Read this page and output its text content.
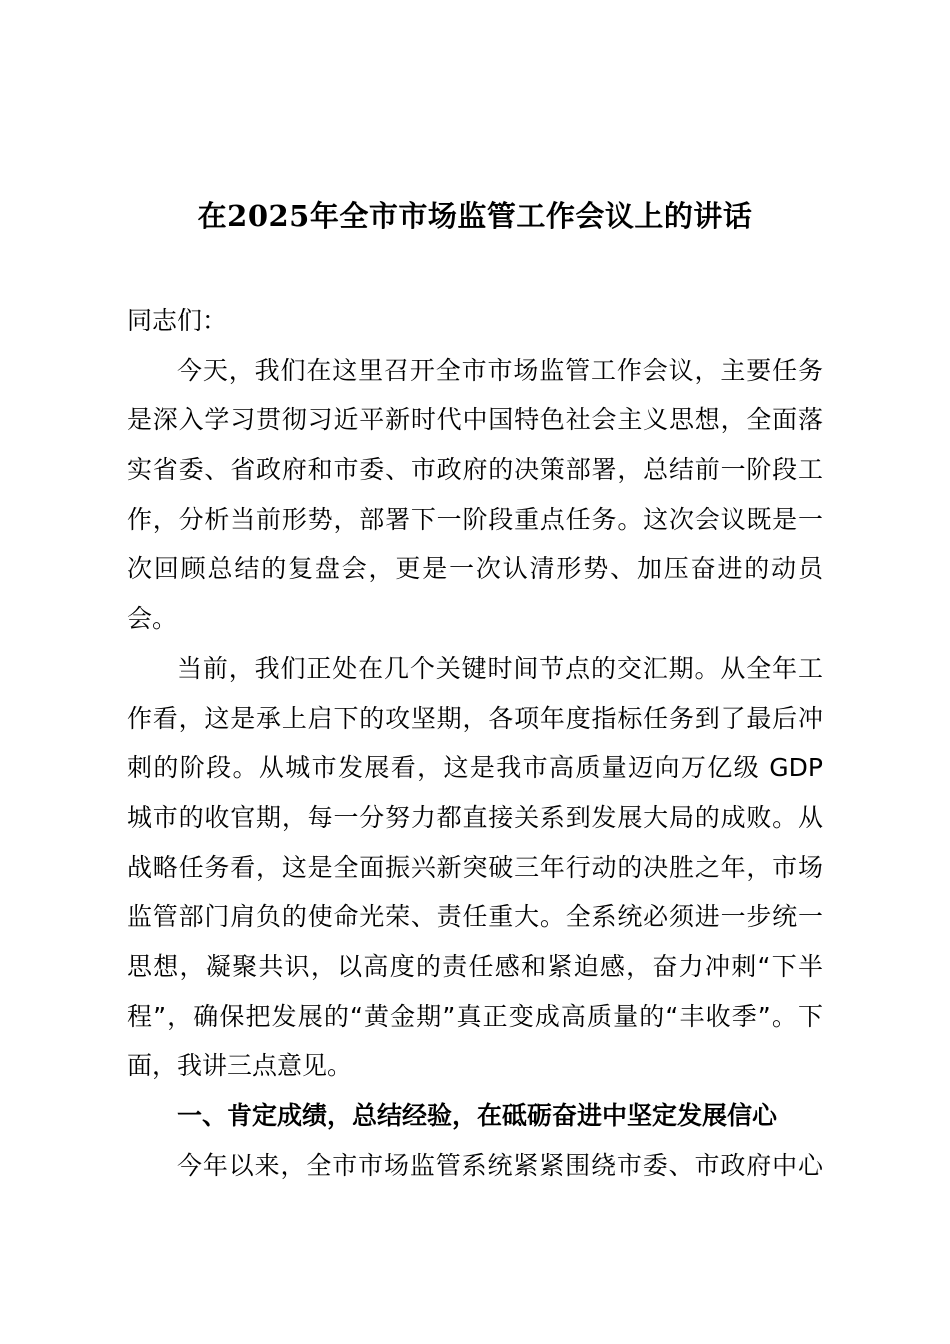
在2025年全市市场监管工作会议上的讲话
同志们：
今天，我们在这里召开全市市场监管工作会议，主要任务
是深入学习贯彻习近平新时代中国特色社会主义思想，全面落
实省委、省政府和市委、市政府的决策部署，总结前一阶段工
作，分析当前形势，部署下一阶段重点任务。这次会议既是一
次回顾总结的复盘会，更是一次认清形势、加压奋进的动员
会。
当前，我们正处在几个关键时间节点的交汇期。从全年工
作看，这是承上启下的攻坚期，各项年度指标任务到了最后冲
刺的阶段。从城市发展看，这是我市高质量迈向万亿级 GDP
城市的收官期，每一分努力都直接关系到发展大局的成败。从
战略任务看，这是全面振兴新突破三年行动的决胜之年，市场
监管部门肩负的使命光荣、责任重大。全系统必须进一步统一
思想，凝聚共识，以高度的责任感和紧迫感，奋力冲刺“下半
程”，确保把发展的“黄金期”真正变成高质量的“丰收季”。下
面，我讲三点意见。
一、肯定成绩，总结经验，在砥砺奋进中坚定发展信心
今年以来，全市市场监管系统紧紧围绕市委、市政府中心
